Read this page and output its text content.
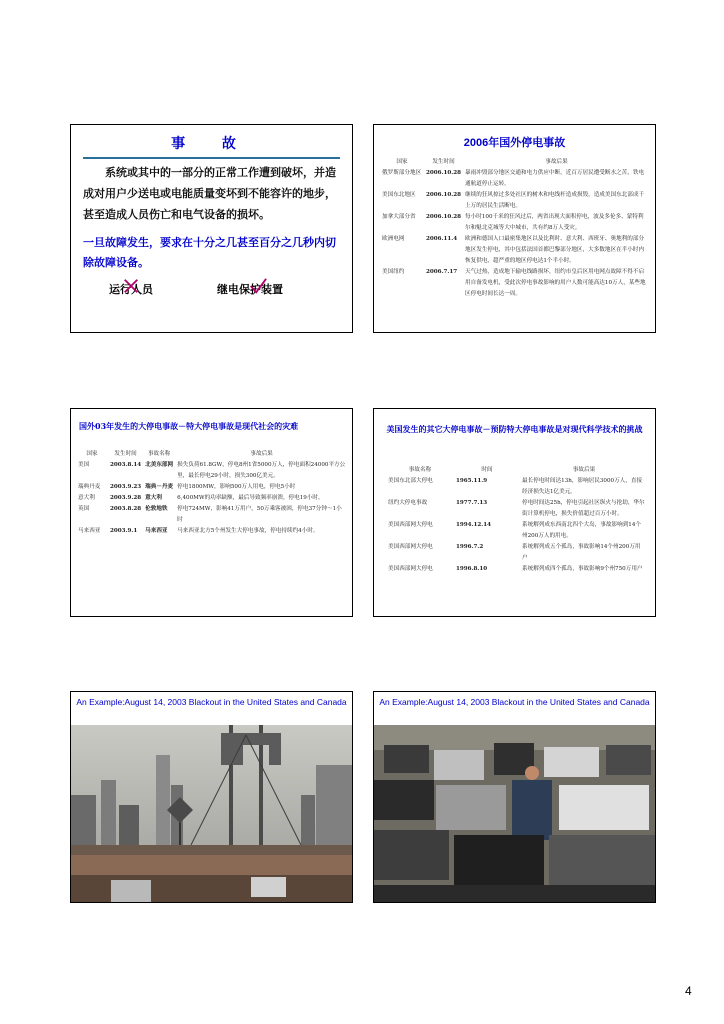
事 故
系统或其中的一部分的正常工作遭到破坏，并造成对用户少送电或电能质量变坏到不能容许的地步，甚至造成人员伤亡和电气设备的损坏。
一旦故障发生，要求在十分之几甚至百分之几秒内切除故障设备。
运行人员	继电保护装置
2006年国外停电事故
国家	发生时间	事故后果
俄罗斯部分地区	2006.10.28	暴雨冲毁部分地区交通和电力供应中断，近百万居民遭受断水之苦，铁电通航道停止运转。
美国东北地区	2006.10.28	继续的狂风掠过多处社区的树木和电线杆造成损毁，造成美国东北部成千上万的居民生活断电。
加拿大部分省	2006.10.28	每小时100千米的狂风过后，两省出现大面积停电，波及多伦多、蒙特利尔和魁北克城等大中城市，共有约8万人受灾。
欧洲电网	2006.11.4	欧洲和德国人口最密集地区以及比利时、意大利、西班牙、奥地利的部分地区发生停电，其中包括法国首都巴黎部分地区，大多数地区在半小时内恢复供电，超严重的地区停电达1个半小时。
美国纽约	2006.7.17	天气过热，造成地下输电线路损坏，纽约市皇后区用电网点故障不得不启用自备发电机，受此次停电事故影响的用户人数可能高达10万人，某些地区停电时间长达一周。
国外03年发生的大停电事故－特大停电事故是现代社会的灾难
国家	发生时间	事故名称	事故后果
美国	2003.8.14	北美东部网	损失负荷61.8GW，停电8州1省5000万人，停电面积24000平方公里，最长停电29小时，损失300亿美元。
瑞典丹麦	2003.9.23	瑞典－丹麦	停电1800MW，影响500万人用电，停电5小时
意大利	2003.9.28	意大利	6,400MW的功率缺额，最后导致频率崩溃，停电19小时。
英国	2003.8.28	伦敦地铁	停电724MW，影响41万用户，50万乘客被困，停电37分钟～1小时
马来西亚	2003.9.1	马来西亚	马来西亚北方5个州发生大停电事故，停电持续约4小时。
美国发生的其它大停电事故－预防特大停电事故是对现代科学技术的挑战
事故名称	时间	事故后果
美国东北部大停电	1965.11.9	最长停电时间达13h，影响居民3000万人，直接经济损失达1亿美元。
纽约大停电事故	1977.7.13	停电时间达25h，停电引起社区纵火与抢劫，华尔街计算机停电，损失价值超过百万小时。
美国西部网大停电	1994.12.14	系统解列成东西南北四个大岛，事故影响到14个州200万人的用电。
美国西部网大停电	1996.7.2	系统解列成五个孤岛，事故影响14个州200万用户
美国西部网大停电	1996.8.10	系统解列成四个孤岛，事故影响9个州750万用户
An Example:August 14, 2003 Blackout in the United States and Canada	An Example:August 14, 2003 Blackout in the United States and Canada
4
